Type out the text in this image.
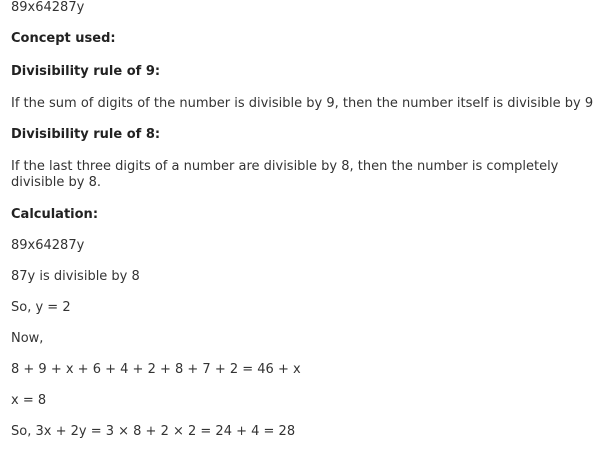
89x64287y
Concept used:
Divisibility rule of 9:
If the sum of digits of the number is divisible by 9, then the number itself is divisible by 9
Divisibility rule of 8:
If the last three digits of a number are divisible by 8, then the number is completely divisible by 8.
Calculation:
89x64287y
87y is divisible by 8
So, y = 2
Now,
8 + 9 + x + 6 + 4 + 2 + 8 + 7 + 2 = 46 + x
x = 8
So, 3x + 2y = 3 × 8 + 2 × 2 = 24 + 4 = 28
